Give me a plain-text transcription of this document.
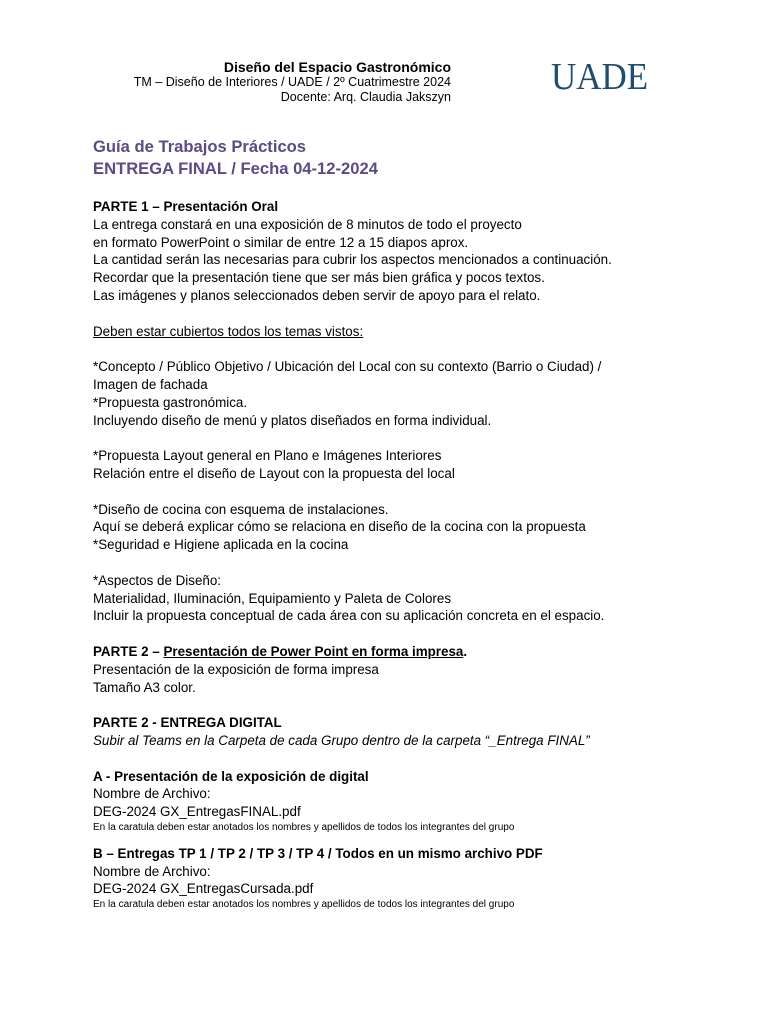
Diseño del Espacio Gastronómico
TM – Diseño de Interiores / UADE / 2º Cuatrimestre 2024
Docente: Arq. Claudia Jakszyn	UADE
Guía de Trabajos Prácticos
ENTREGA FINAL / Fecha 04-12-2024

PARTE 1 – Presentación Oral

La entrega constará en una exposición de 8 minutos de todo el proyecto

en formato PowerPoint o similar de entre 12 a 15 diapos aprox.

La cantidad serán las necesarias para cubrir los aspectos mencionados a continuación.

Recordar que la presentación tiene que ser más bien gráfica y pocos textos.

Las imágenes y planos seleccionados deben servir de apoyo para el relato.

Deben estar cubiertos todos los temas vistos:

*Concepto / Público Objetivo / Ubicación del Local con su contexto (Barrio o Ciudad) /

Imagen de fachada

*Propuesta gastronómica.

Incluyendo diseño de menú y platos diseñados en forma individual.

*Propuesta Layout general en Plano e Imágenes Interiores

Relación entre el diseño de Layout con la propuesta del local

*Diseño de cocina con esquema de instalaciones.

Aquí se deberá explicar cómo se relaciona en diseño de la cocina con la propuesta

*Seguridad e Higiene aplicada en la cocina

*Aspectos de Diseño:

Materialidad, Iluminación, Equipamiento y Paleta de Colores

Incluir la propuesta conceptual de cada área con su aplicación concreta en el espacio.

PARTE 2 – Presentación de Power Point en forma impresa.

Presentación de la exposición de forma impresa

Tamaño A3 color.

PARTE 2 - ENTREGA DIGITAL

Subir al Teams en la Carpeta de cada Grupo dentro de la carpeta “_Entrega FINAL”

A - Presentación de la exposición de digital

Nombre de Archivo:

DEG-2024 GX_EntregasFINAL.pdf

En la caratula deben estar anotados los nombres y apellidos de todos los integrantes del grupo

B – Entregas TP 1 / TP 2 / TP 3 / TP 4 / Todos en un mismo archivo PDF

Nombre de Archivo:

DEG-2024 GX_EntregasCursada.pdf

En la caratula deben estar anotados los nombres y apellidos de todos los integrantes del grupo
